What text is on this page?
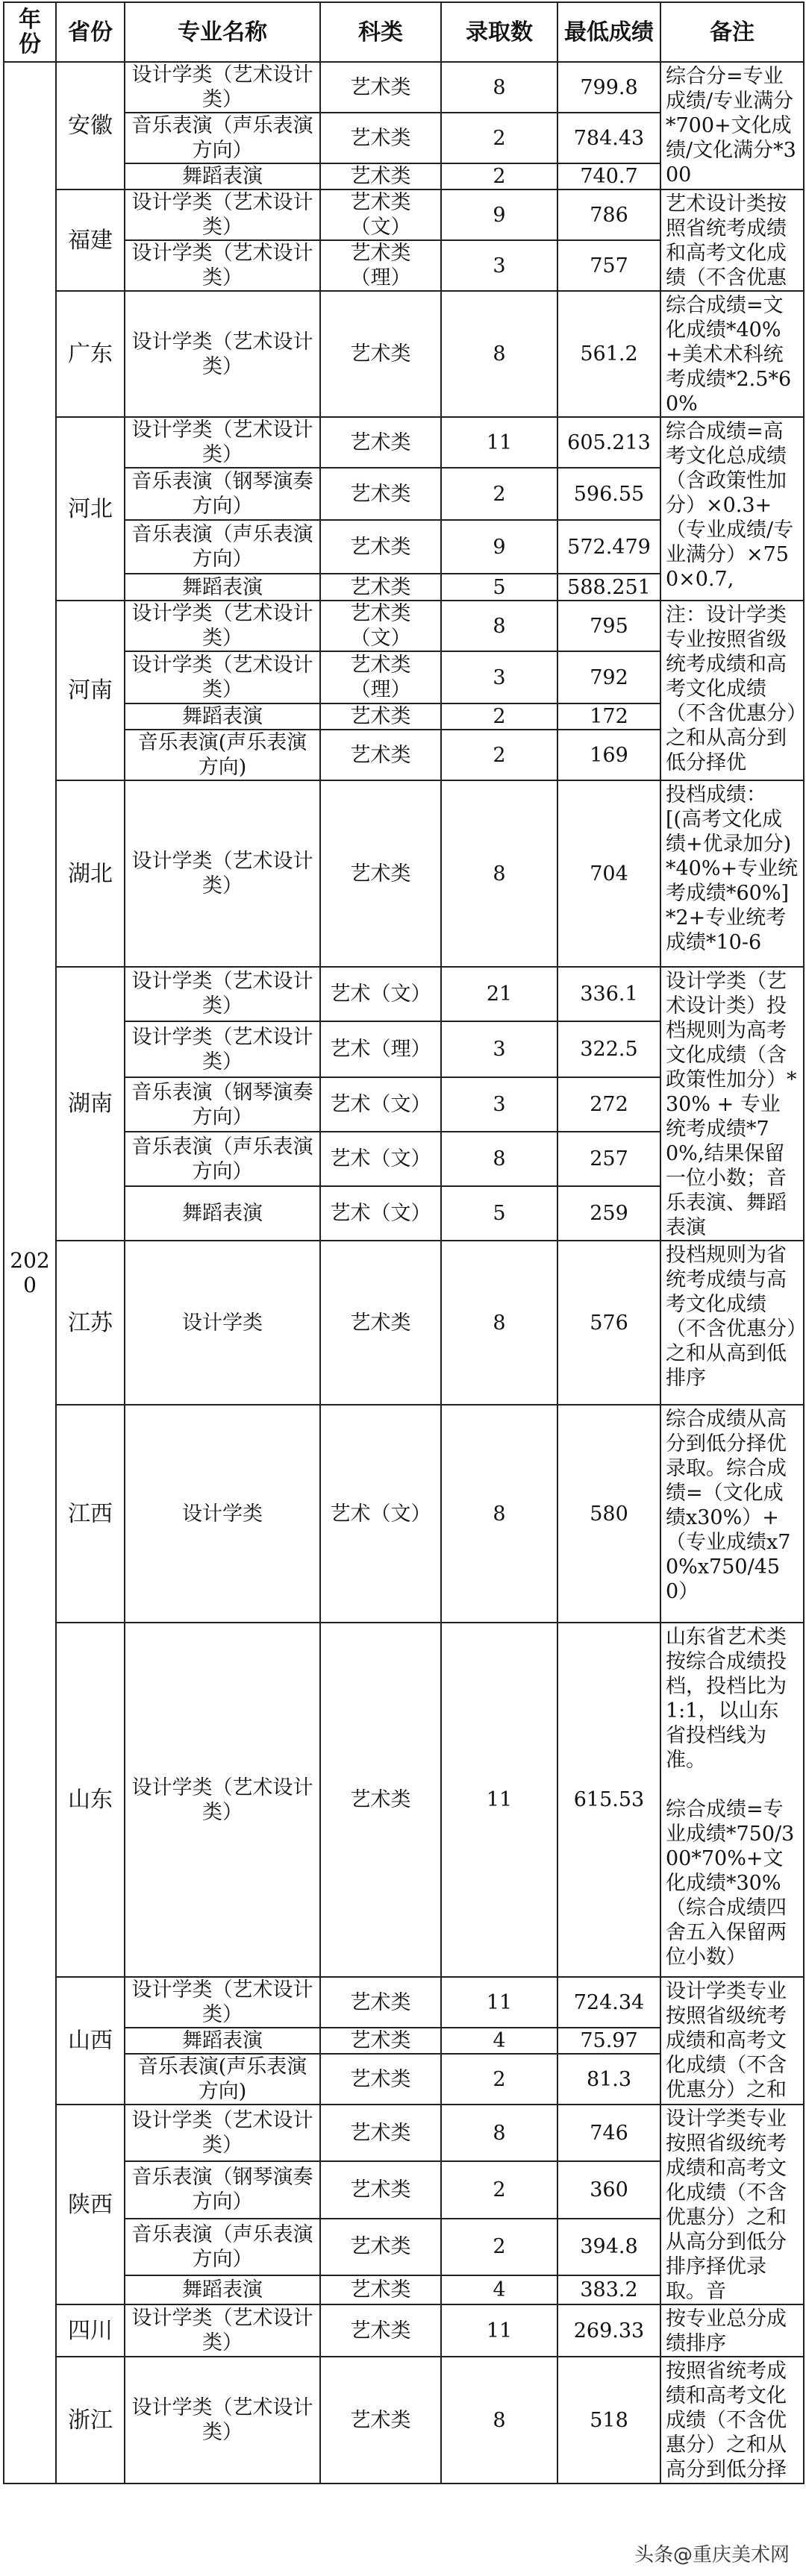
年份	省份	专业名称	科类	录取数	最低成绩	备注
2020	安徽	设计学类（艺术设计类）	艺术类	8	799.8	综合分=专业成绩/专业满分*700+文化成绩/文化满分*300
		音乐表演（声乐表演方向）	艺术类	2	784.43	
		舞蹈表演	艺术类	2	740.7	
	福建	设计学类（艺术设计类）	艺术类（文）	9	786	艺术设计类按照省统考成绩和高考文化成绩（不含优惠
		设计学类（艺术设计类）	艺术类（理）	3	757	
	广东	设计学类（艺术设计类）	艺术类	8	561.2	综合成绩=文化成绩*40%+美术术科统考成绩*2.5*60%
	河北	设计学类（艺术设计类）	艺术类	11	605.213	综合成绩=高考文化总成绩（含政策性加分）×0.3+（专业成绩/专业满分）×750×0.7,
		音乐表演（钢琴演奏方向）	艺术类	2	596.55	
		音乐表演（声乐表演方向）	艺术类	9	572.479	
		舞蹈表演	艺术类	5	588.251	
	河南	设计学类（艺术设计类）	艺术类（文）	8	795	注：设计学类专业按照省级统考成绩和高考文化成绩（不含优惠分）之和从高分到低分择优
		设计学类（艺术设计类）	艺术类（理）	3	792	
		舞蹈表演	艺术类	2	172	
		音乐表演(声乐表演方向)	艺术类	2	169	
	湖北	设计学类（艺术设计类）	艺术类	8	704	投档成绩：[(高考文化成绩+优录加分)*40%+专业统考成绩*60%]*2+专业统考成绩*10-6
	湖南	设计学类（艺术设计类）	艺术（文）	21	336.1	设计学类（艺术设计类）投档规则为高考文化成绩（含政策性加分）*30% + 专业统考成绩*70%,结果保留一位小数；音乐表演、舞蹈表演
		设计学类（艺术设计类）	艺术（理）	3	322.5	
		音乐表演（钢琴演奏方向）	艺术（文）	3	272	
		音乐表演（声乐表演方向）	艺术（文）	8	257	
		舞蹈表演	艺术（文）	5	259	
	江苏	设计学类	艺术类	8	576	投档规则为省统考成绩与高考文化成绩（不含优惠分）之和从高到低排序
	江西	设计学类	艺术（文）	8	580	综合成绩从高分到低分择优录取。综合成绩=（文化成绩x30%）+（专业成绩x70%x750/450）
	山东	设计学类（艺术设计类）	艺术类	11	615.53	山东省艺术类按综合成绩投档，投档比为1:1，以山东省投档线为准。

综合成绩=专业成绩*750/300*70%+文化成绩*30%（综合成绩四舍五入保留两位小数）
	山西	设计学类（艺术设计类）	艺术类	11	724.34	设计学类专业按照省级统考成绩和高考文化成绩（不含优惠分）之和
		舞蹈表演	艺术类	4	75.97	
		音乐表演(声乐表演方向)	艺术类	2	81.3	
	陕西	设计学类（艺术设计类）	艺术类	8	746	设计学类专业按照省级统考成绩和高考文化成绩（不含优惠分）之和从高分到低分排序择优录取。音
		音乐表演（钢琴演奏方向）	艺术类	2	360	
		音乐表演（声乐表演方向）	艺术类	2	394.8	
		舞蹈表演	艺术类	4	383.2	
	四川	设计学类（艺术设计类）	艺术类	11	269.33	按专业总分成绩排序
	浙江	设计学类（艺术设计类）	艺术类	8	518	按照省统考成绩和高考文化成绩（不含优惠分）之和从高分到低分择
头条@重庆美术网
